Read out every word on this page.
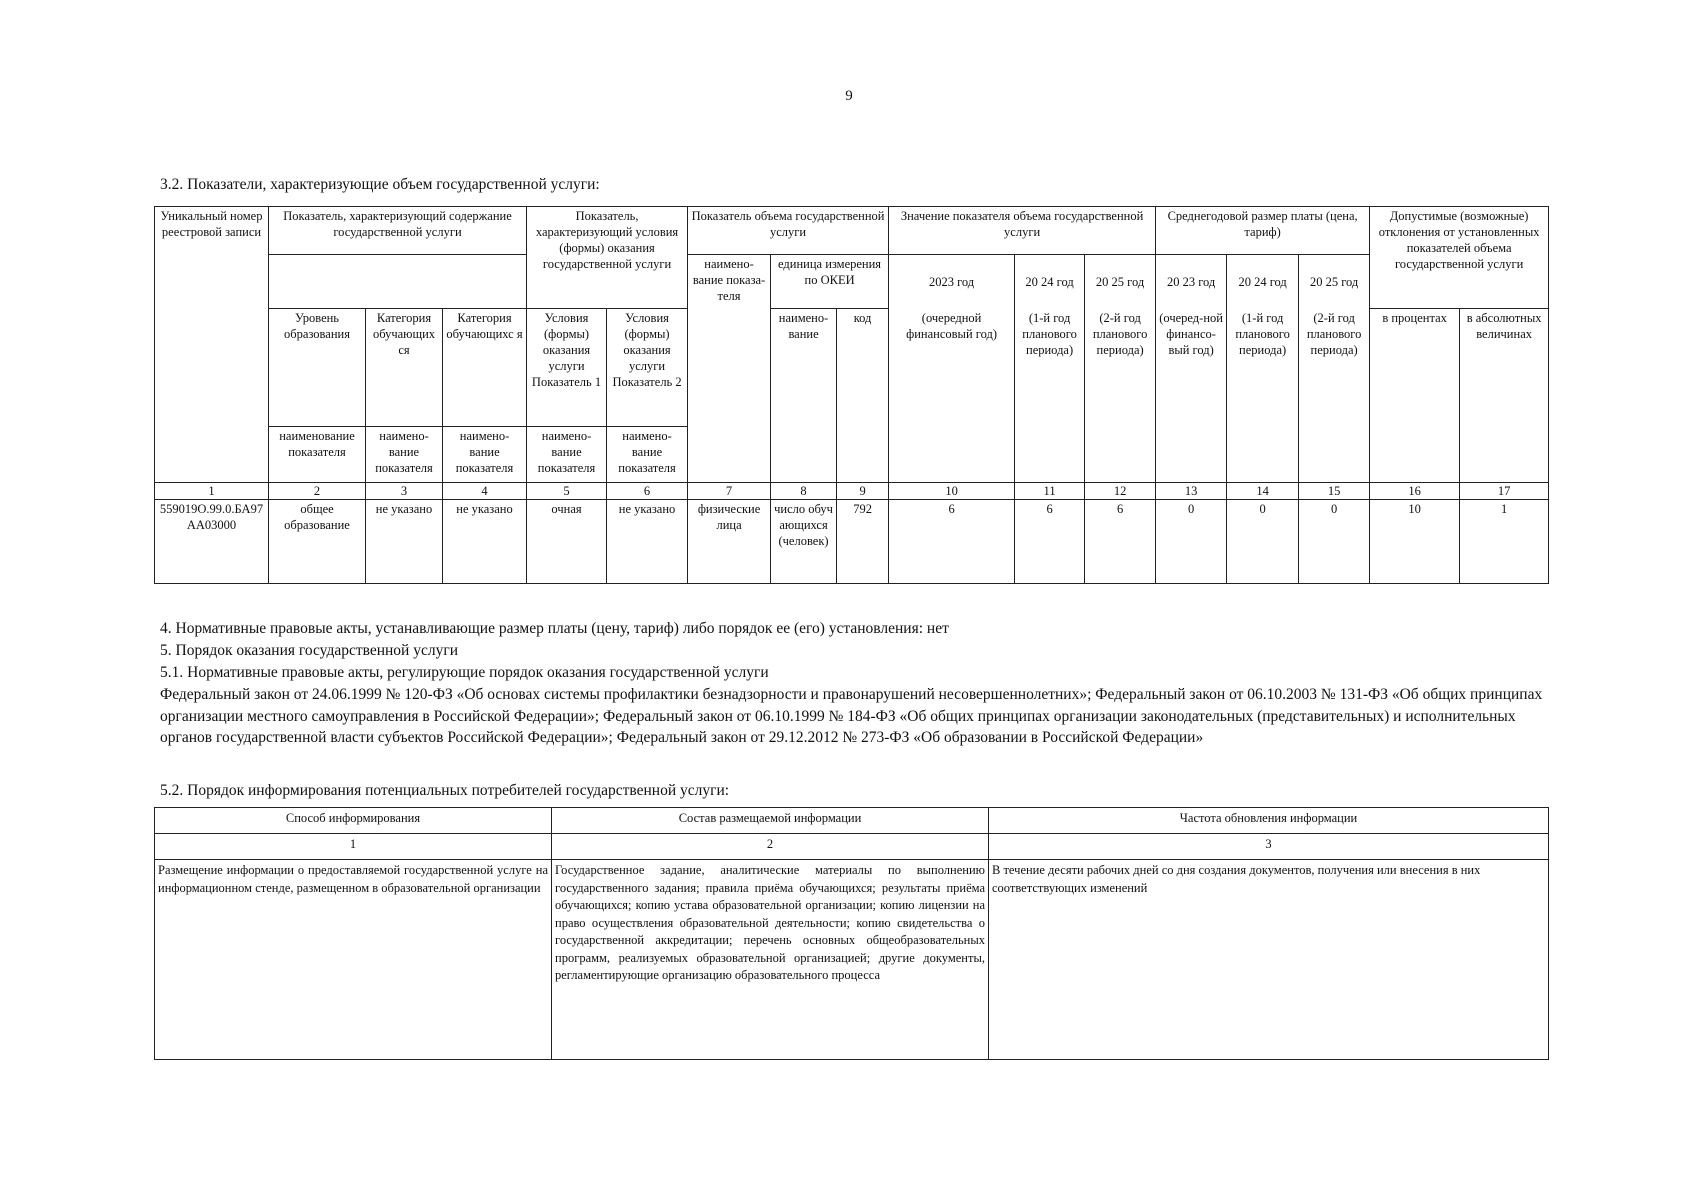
9
3.2. Показатели, характеризующие объем государственной услуги:
Уникальный номер реестровой записи	Показатель, характеризующий содержание государственной услуги			Показатель, характеризующий условия (формы) оказания государственной услуги		Показатель объема государственной услуги			Значение показателя объема государственной услуги			Среднегодовой размер платы (цена, тариф)			Допустимые (возможные) отклонения от установленных показателей объема государственной услуги	
						наимено-вание показа-теля	единица измерения по ОКЕИ		2023 год	20 24 год	20 25 год	20 23 год	20 24 год	20 25 год		
	Уровень образования	Категория обучающих ся	Категория обучающихс я	Условия (формы) оказания услуги Показатель 1	Условия (формы) оказания услуги Показатель 2		наимено-вание	код	(очередной финансовый год)	(1-й год планового периода)	(2-й год планового периода)	(очеред-ной финансо-вый год)	(1-й год планового периода)	(2-й год планового периода)	в процентах	в абсолютных величинах
	наименование показателя	наимено-вание показателя	наимено-вание показателя	наимено-вание показателя	наимено-вание показателя											
1	2	3	4	5	6	7	8	9	10	11	12	13	14	15	16	17
559019О.99.0.БА97АА03000	общее образование	не указано	не указано	очная	не указано	физические лица	число обучающихся (человек)	792	6	6	6	0	0	0	10	1
4. Нормативные правовые акты, устанавливающие размер платы (цену, тариф) либо порядок ее (его) установления: нет
5. Порядок оказания государственной услуги
5.1. Нормативные правовые акты, регулирующие порядок оказания государственной услуги
Федеральный закон от 24.06.1999 № 120-ФЗ «Об основах системы профилактики безнадзорности и правонарушений несовершеннолетних»; Федеральный закон от 06.10.2003 № 131-ФЗ «Об общих принципах организации местного самоуправления в Российской Федерации»; Федеральный закон от 06.10.1999 № 184-ФЗ «Об общих принципах организации законодательных (представительных) и исполнительных органов государственной власти субъектов Российской Федерации»; Федеральный закон от 29.12.2012 № 273-ФЗ «Об образовании в Российской Федерации»
5.2. Порядок информирования потенциальных потребителей государственной услуги:
Способ информирования	Состав размещаемой информации	Частота обновления информации
1	2	3
Размещение информации о предоставляемой государственной услуге на информационном стенде, размещенном в образовательной организации	Государственное задание, аналитические материалы по выполнению государственного задания; правила приёма обучающихся; результаты приёма обучающихся; копию устава образовательной организации; копию лицензии на право осуществления образовательной деятельности; копию свидетельства о государственной аккредитации; перечень основных общеобразовательных программ, реализуемых образовательной организацией; другие документы, регламентирующие организацию образовательного процесса	В течение десяти рабочих дней со дня создания документов, получения или внесения в них соответствующих изменений
